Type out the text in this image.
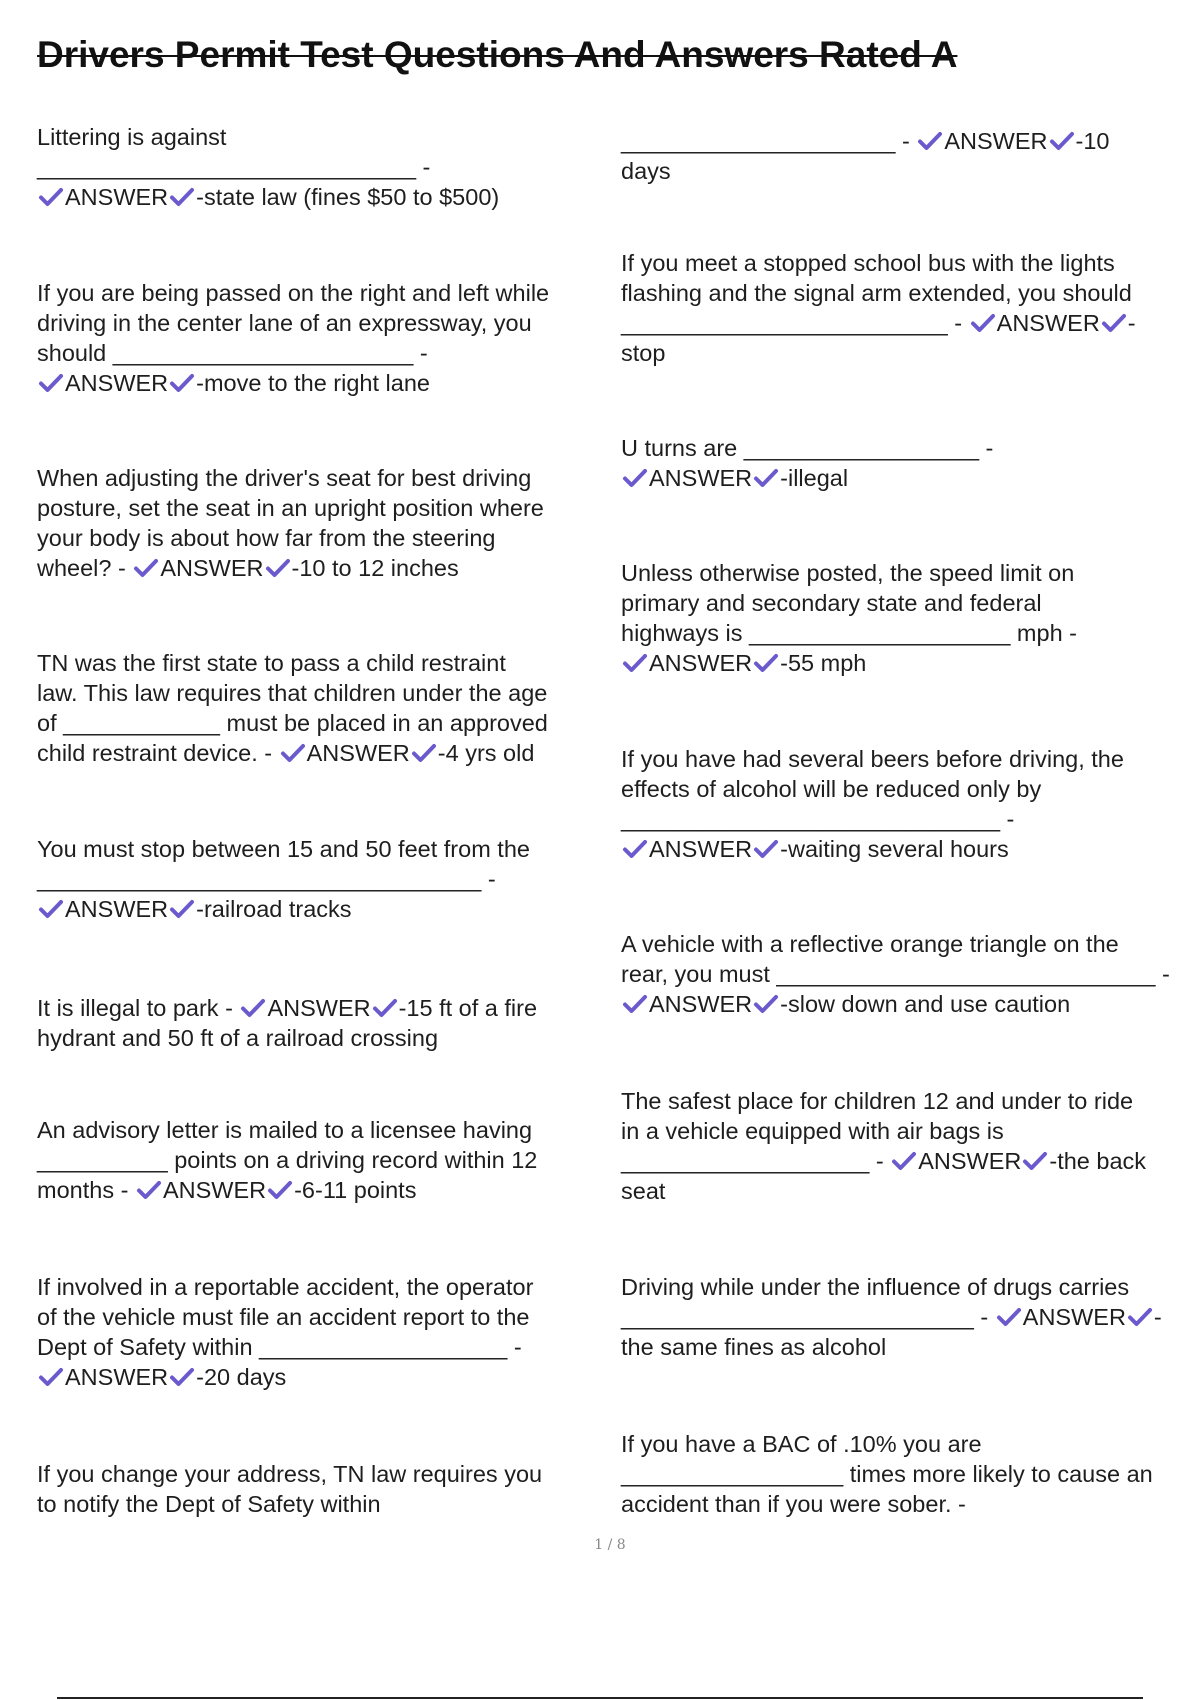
Drivers Permit Test Questions And Answers Rated A
Littering is against
_____________________________ -
ANSWER -state law (fines $50 to $500)
If you are being passed on the right and left while
driving in the center lane of an expressway, you
should _______________________ -
ANSWER -move to the right lane
When adjusting the driver's seat for best driving
posture, set the seat in an upright position where
your body is about how far from the steering
wheel? - ANSWER -10 to 12 inches
TN was the first state to pass a child restraint
law. This law requires that children under the age
of ____________ must be placed in an approved
child restraint device. - ANSWER -4 yrs old
You must stop between 15 and 50 feet from the
__________________________________ -
ANSWER -railroad tracks
It is illegal to park - ANSWER -15 ft of a fire
hydrant and 50 ft of a railroad crossing
An advisory letter is mailed to a licensee having
__________ points on a driving record within 12
months - ANSWER -6-11 points
If involved in a reportable accident, the operator
of the vehicle must file an accident report to the
Dept of Safety within ___________________ -
ANSWER -20 days
If you change your address, TN law requires you
to notify the Dept of Safety within
_____________________ - ANSWER -10
days
If you meet a stopped school bus with the lights
flashing and the signal arm extended, you should
_________________________ - ANSWER -
stop
U turns are __________________ -
ANSWER -illegal
Unless otherwise posted, the speed limit on
primary and secondary state and federal
highways is ____________________ mph -
ANSWER -55 mph
If you have had several beers before driving, the
effects of alcohol will be reduced only by
_____________________________ -
ANSWER -waiting several hours
A vehicle with a reflective orange triangle on the
rear, you must _____________________________ -
ANSWER -slow down and use caution
The safest place for children 12 and under to ride
in a vehicle equipped with air bags is
___________________ - ANSWER -the back
seat
Driving while under the influence of drugs carries
___________________________ - ANSWER -
the same fines as alcohol
If you have a BAC of .10% you are
_________________ times more likely to cause an
accident than if you were sober. -
1 / 8
